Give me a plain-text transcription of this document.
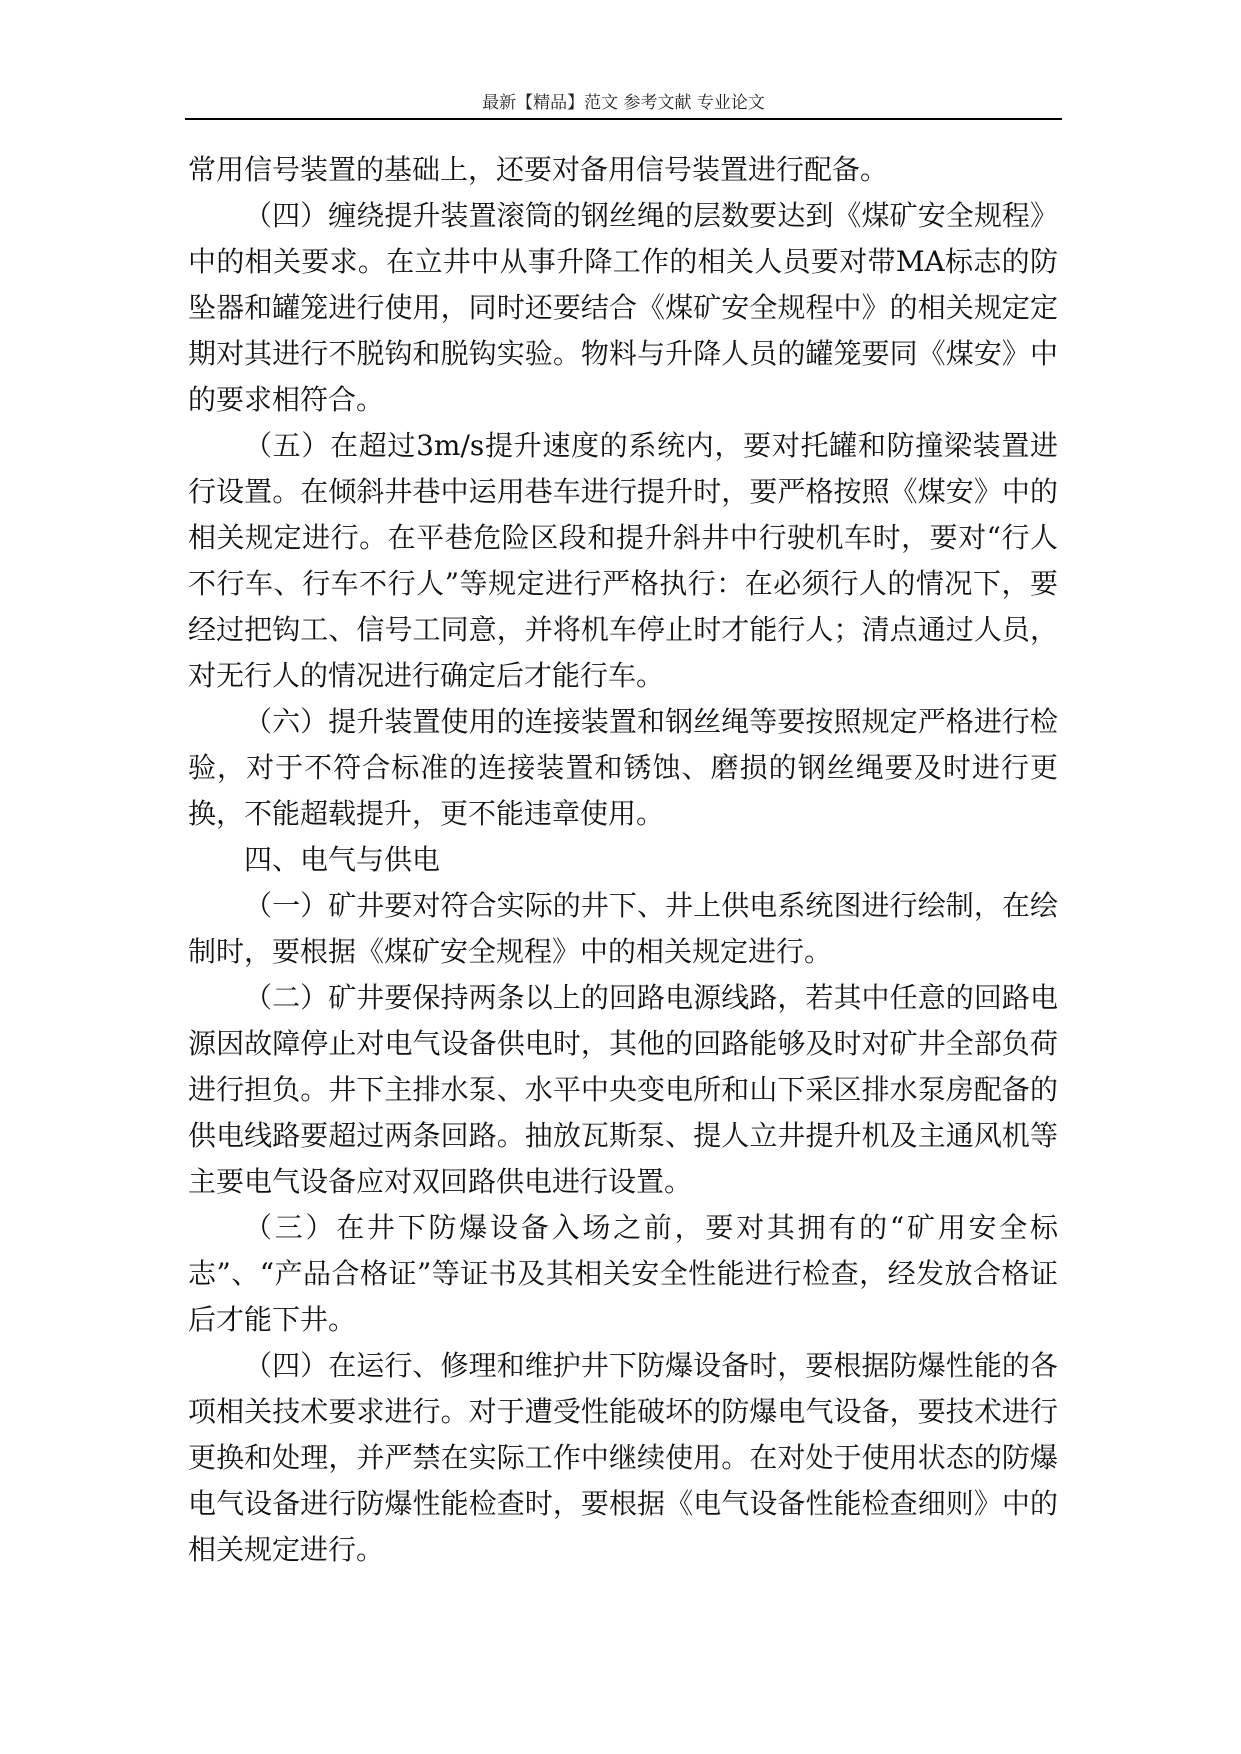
最新【精品】范文 参考文献 专业论文

常用信号装置的基础上，还要对备用信号装置进行配备。

（四）缠绕提升装置滚筒的钢丝绳的层数要达到《煤矿安全规程》中的相关要求。在立井中从事升降工作的相关人员要对带MA标志的防坠器和罐笼进行使用，同时还要结合《煤矿安全规程中》的相关规定定期对其进行不脱钩和脱钩实验。物料与升降人员的罐笼要同《煤安》中的要求相符合。

（五）在超过3m/s提升速度的系统内，要对托罐和防撞梁装置进行设置。在倾斜井巷中运用巷车进行提升时，要严格按照《煤安》中的相关规定进行。在平巷危险区段和提升斜井中行驶机车时，要对“行人不行车、行车不行人”等规定进行严格执行：在必须行人的情况下，要经过把钩工、信号工同意，并将机车停止时才能行人；清点通过人员，对无行人的情况进行确定后才能行车。

（六）提升装置使用的连接装置和钢丝绳等要按照规定严格进行检验，对于不符合标准的连接装置和锈蚀、磨损的钢丝绳要及时进行更换，不能超载提升，更不能违章使用。

四、电气与供电

（一）矿井要对符合实际的井下、井上供电系统图进行绘制，在绘制时，要根据《煤矿安全规程》中的相关规定进行。

（二）矿井要保持两条以上的回路电源线路，若其中任意的回路电源因故障停止对电气设备供电时，其他的回路能够及时对矿井全部负荷进行担负。井下主排水泵、水平中央变电所和山下采区排水泵房配备的供电线路要超过两条回路。抽放瓦斯泵、提人立井提升机及主通风机等主要电气设备应对双回路供电进行设置。

（三）在井下防爆设备入场之前，要对其拥有的“矿用安全标志”、“产品合格证”等证书及其相关安全性能进行检查，经发放合格证后才能下井。

（四）在运行、修理和维护井下防爆设备时，要根据防爆性能的各项相关技术要求进行。对于遭受性能破坏的防爆电气设备，要技术进行更换和处理，并严禁在实际工作中继续使用。在对处于使用状态的防爆电气设备进行防爆性能检查时，要根据《电气设备性能检查细则》中的相关规定进行。
